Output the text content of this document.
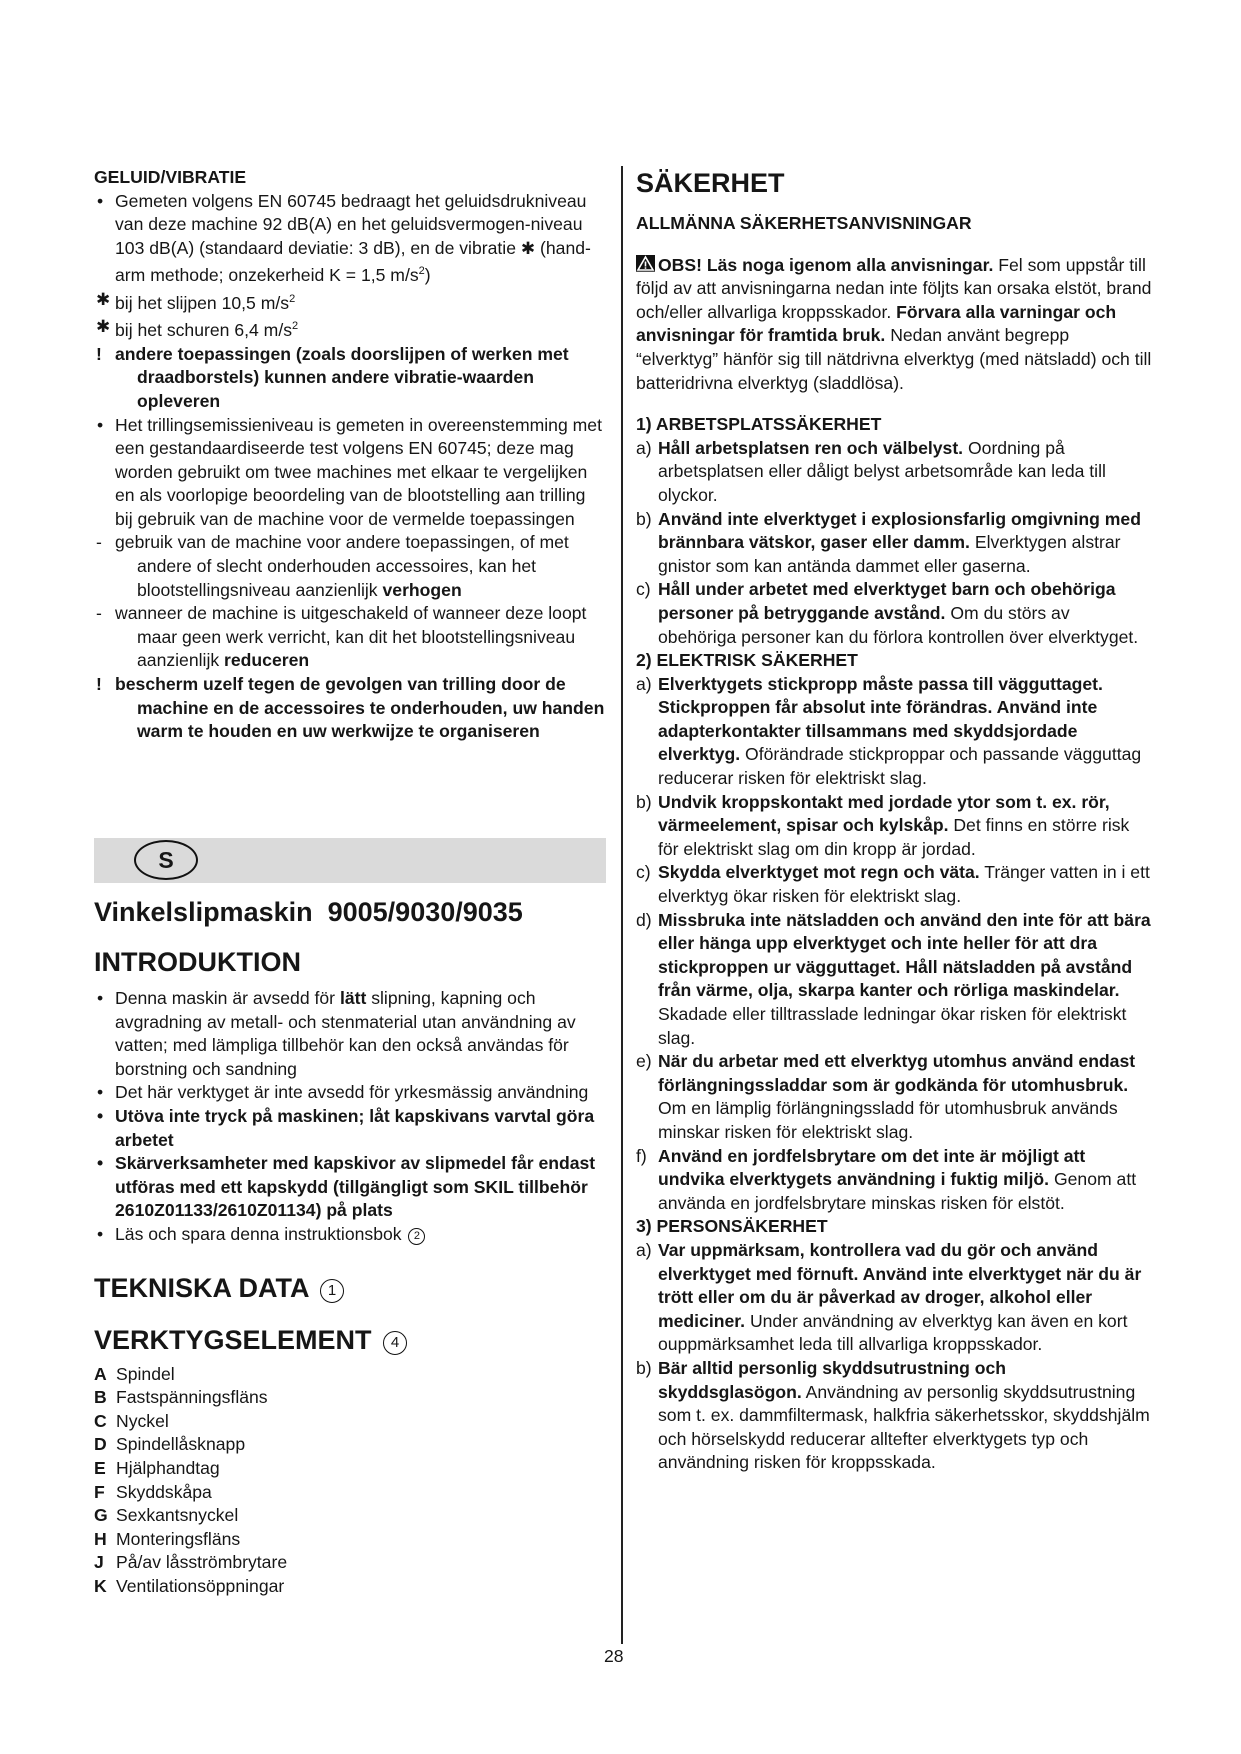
GELUID/VIBRATIE

• Gemeten volgens EN 60745 bedraagt het geluidsdrukniveau van deze machine 92 dB(A) en het geluidsvermogen-niveau 103 dB(A) (standaard deviatie: 3 dB), en de vibratie ✱ (hand-arm methode; onzekerheid K = 1,5 $m/s^2$)
✱ bij het slijpen 10,5 $m/s^2$
✱ bij het schuren 6,4 $m/s^2$
! andere toepassingen (zoals doorslijpen of werken met draadborstels) kunnen andere vibratie-waarden opleveren
• Het trillingsemissieniveau is gemeten in overeenstemming met een gestandaardiseerde test volgens EN 60745; deze mag worden gebruikt om twee machines met elkaar te vergelijken en als voorlopige beoordeling van de blootstelling aan trilling bij gebruik van de machine voor de vermelde toepassingen
- gebruik van de machine voor andere toepassingen, of met andere of slecht onderhouden accessoires, kan het blootstellingsniveau aanzienlijk verhogen
- wanneer de machine is uitgeschakeld of wanneer deze loopt maar geen werk verricht, kan dit het blootstellingsniveau aanzienlijk reduceren
! bescherm uzelf tegen de gevolgen van trilling door de machine en de accessoires te onderhouden, uw handen warm te houden en uw werkwijze te organiseren
S

Vinkelslipmaskin  9005/9030/9035

INTRODUKTION

• Denna maskin är avsedd för lätt slipning, kapning och avgradning av metall- och stenmaterial utan användning av vatten; med lämpliga tillbehör kan den också användas för borstning och sandning
• Det här verktyget är inte avsedd för yrkesmässig användning
• Utöva inte tryck på maskinen; låt kapskivans varvtal göra arbetet
• Skärverksamheter med kapskivor av slipmedel får endast utföras med ett kapskydd (tillgängligt som SKIL tillbehör 2610Z01133/2610Z01134) på plats
• Läs och spara denna instruktionsbok 2

TEKNISKA DATA 1

VERKTYGSELEMENT 4

A Spindel
B Fastspänningsfläns
C Nyckel
D Spindellåsknapp
E Hjälphandtag
F Skyddskåpa
G Sexkantsnyckel
H Monteringsfläns
J På/av låsströmbrytare
K Ventilationsöppningar

SÄKERHET

ALLMÄNNA SÄKERHETSANVISNINGAR

OBS! Läs noga igenom alla anvisningar. Fel som uppstår till följd av att anvisningarna nedan inte följts kan orsaka elstöt, brand och/eller allvarliga kroppsskador. Förvara alla varningar och anvisningar för framtida bruk. Nedan använt begrepp “elverktyg” hänför sig till nätdrivna elverktyg (med nätsladd) och till batteridrivna elverktyg (sladdlösa).

1) ARBETSPLATSSÄKERHET

a) Håll arbetsplatsen ren och välbelyst. Oordning på arbetsplatsen eller dåligt belyst arbetsområde kan leda till olyckor.
b) Använd inte elverktyget i explosionsfarlig omgivning med brännbara vätskor, gaser eller damm. Elverktygen alstrar gnistor som kan antända dammet eller gaserna.
c) Håll under arbetet med elverktyget barn och obehöriga personer på betryggande avstånd. Om du störs av obehöriga personer kan du förlora kontrollen över elverktyget.

2) ELEKTRISK SÄKERHET

a) Elverktygets stickpropp måste passa till vägguttaget. Stickproppen får absolut inte förändras. Använd inte adapterkontakter tillsammans med skyddsjordade elverktyg. Oförändrade stickproppar och passande vägguttag reducerar risken för elektriskt slag.
b) Undvik kroppskontakt med jordade ytor som t. ex. rör, värmeelement, spisar och kylskåp. Det finns en större risk för elektriskt slag om din kropp är jordad.
c) Skydda elverktyget mot regn och väta. Tränger vatten in i ett elverktyg ökar risken för elektriskt slag.
d) Missbruka inte nätsladden och använd den inte för att bära eller hänga upp elverktyget och inte heller för att dra stickproppen ur vägguttaget. Håll nätsladden på avstånd från värme, olja, skarpa kanter och rörliga maskindelar. Skadade eller tilltrasslade ledningar ökar risken för elektriskt slag.
e) När du arbetar med ett elverktyg utomhus använd endast förlängningssladdar som är godkända för utomhusbruk. Om en lämplig förlängningssladd för utomhusbruk används minskar risken för elektriskt slag.
f) Använd en jordfelsbrytare om det inte är möjligt att undvika elverktygets användning i fuktig miljö. Genom att använda en jordfelsbrytare minskas risken för elstöt.

3) PERSONSÄKERHET

a) Var uppmärksam, kontrollera vad du gör och använd elverktyget med förnuft. Använd inte elverktyget när du är trött eller om du är påverkad av droger, alkohol eller mediciner. Under användning av elverktyg kan även en kort ouppmärksamhet leda till allvarliga kroppsskador.
b) Bär alltid personlig skyddsutrustning och skyddsglasögon. Användning av personlig skyddsutrustning som t. ex. dammfiltermask, halkfria säkerhetsskor, skyddshjälm och hörselskydd reducerar alltefter elverktygets typ och användning risken för kroppsskada.
28
